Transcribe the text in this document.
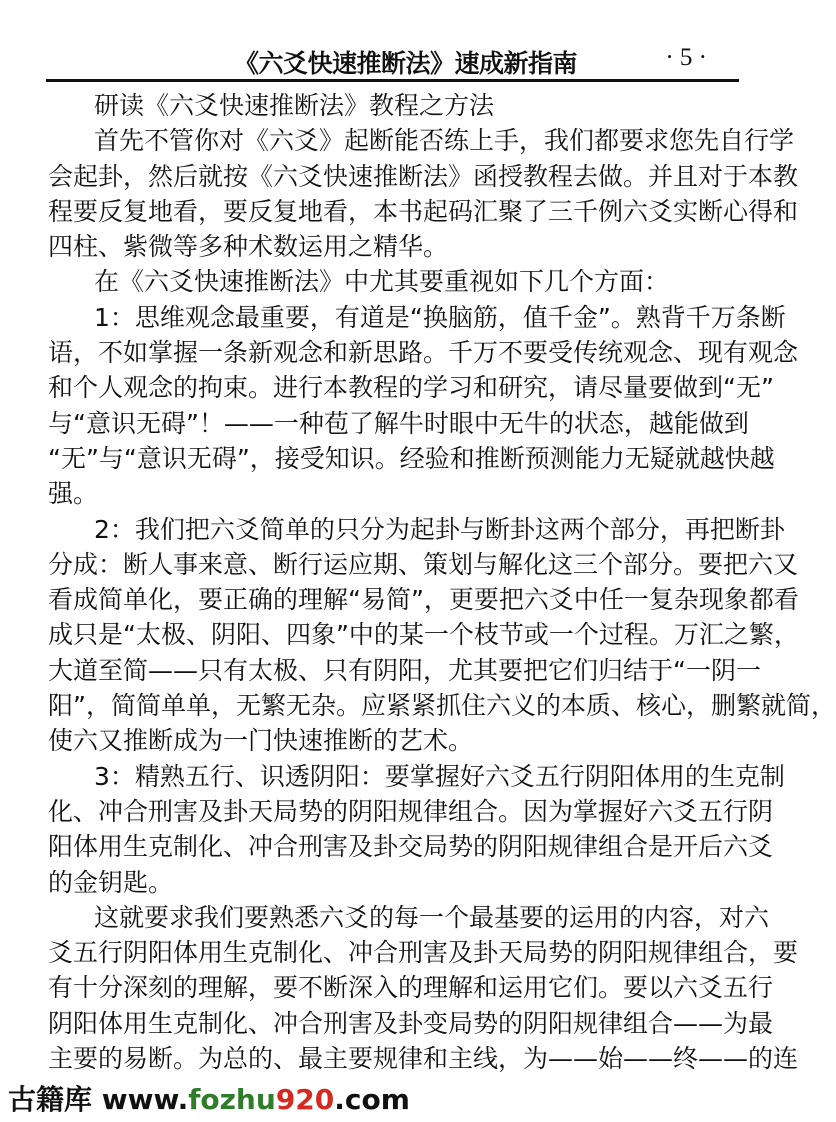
《六爻快速推断法》速成新指南	· 5 ·
研读《六爻快速推断法》教程之方法
首先不管你对《六爻》起断能否练上手，我们都要求您先自行学
会起卦，然后就按《六爻快速推断法》函授教程去做。并且对于本教
程要反复地看，要反复地看，本书起码汇聚了三千例六爻实断心得和
四柱、紫微等多种术数运用之精华。
在《六爻快速推断法》中尤其要重视如下几个方面：
1：思维观念最重要，有道是“换脑筋，值千金”。熟背千万条断
语，不如掌握一条新观念和新思路。千万不要受传统观念、现有观念
和个人观念的拘束。进行本教程的学习和研究，请尽量要做到“无”
与“意识无碍”！——一种苞了解牛时眼中无牛的状态，越能做到
“无”与“意识无碍”，接受知识。经验和推断预测能力无疑就越快越
强。
2：我们把六爻简单的只分为起卦与断卦这两个部分，再把断卦
分成：断人事来意、断行运应期、策划与解化这三个部分。要把六又
看成简单化，要正确的理解“易简”，更要把六爻中任一复杂现象都看
成只是“太极、阴阳、四象”中的某一个枝节或一个过程。万汇之繁，
大道至简——只有太极、只有阴阳，尤其要把它们归结于“一阴一
阳”，简简单单，无繁无杂。应紧紧抓住六义的本质、核心，删繁就简，
使六又推断成为一门快速推断的艺术。
3：精熟五行、识透阴阳：要掌握好六爻五行阴阳体用的生克制
化、冲合刑害及卦天局势的阴阳规律组合。因为掌握好六爻五行阴
阳体用生克制化、冲合刑害及卦交局势的阴阳规律组合是开后六爻
的金钥匙。
这就要求我们要熟悉六爻的每一个最基要的运用的内容，对六
爻五行阴阳体用生克制化、冲合刑害及卦天局势的阴阳规律组合，要
有十分深刻的理解，要不断深入的理解和运用它们。要以六爻五行
阴阳体用生克制化、冲合刑害及卦变局势的阴阳规律组合——为最
主要的易断。为总的、最主要规律和主线，为——始——终——的连
古籍库 www.fozhu920.com
